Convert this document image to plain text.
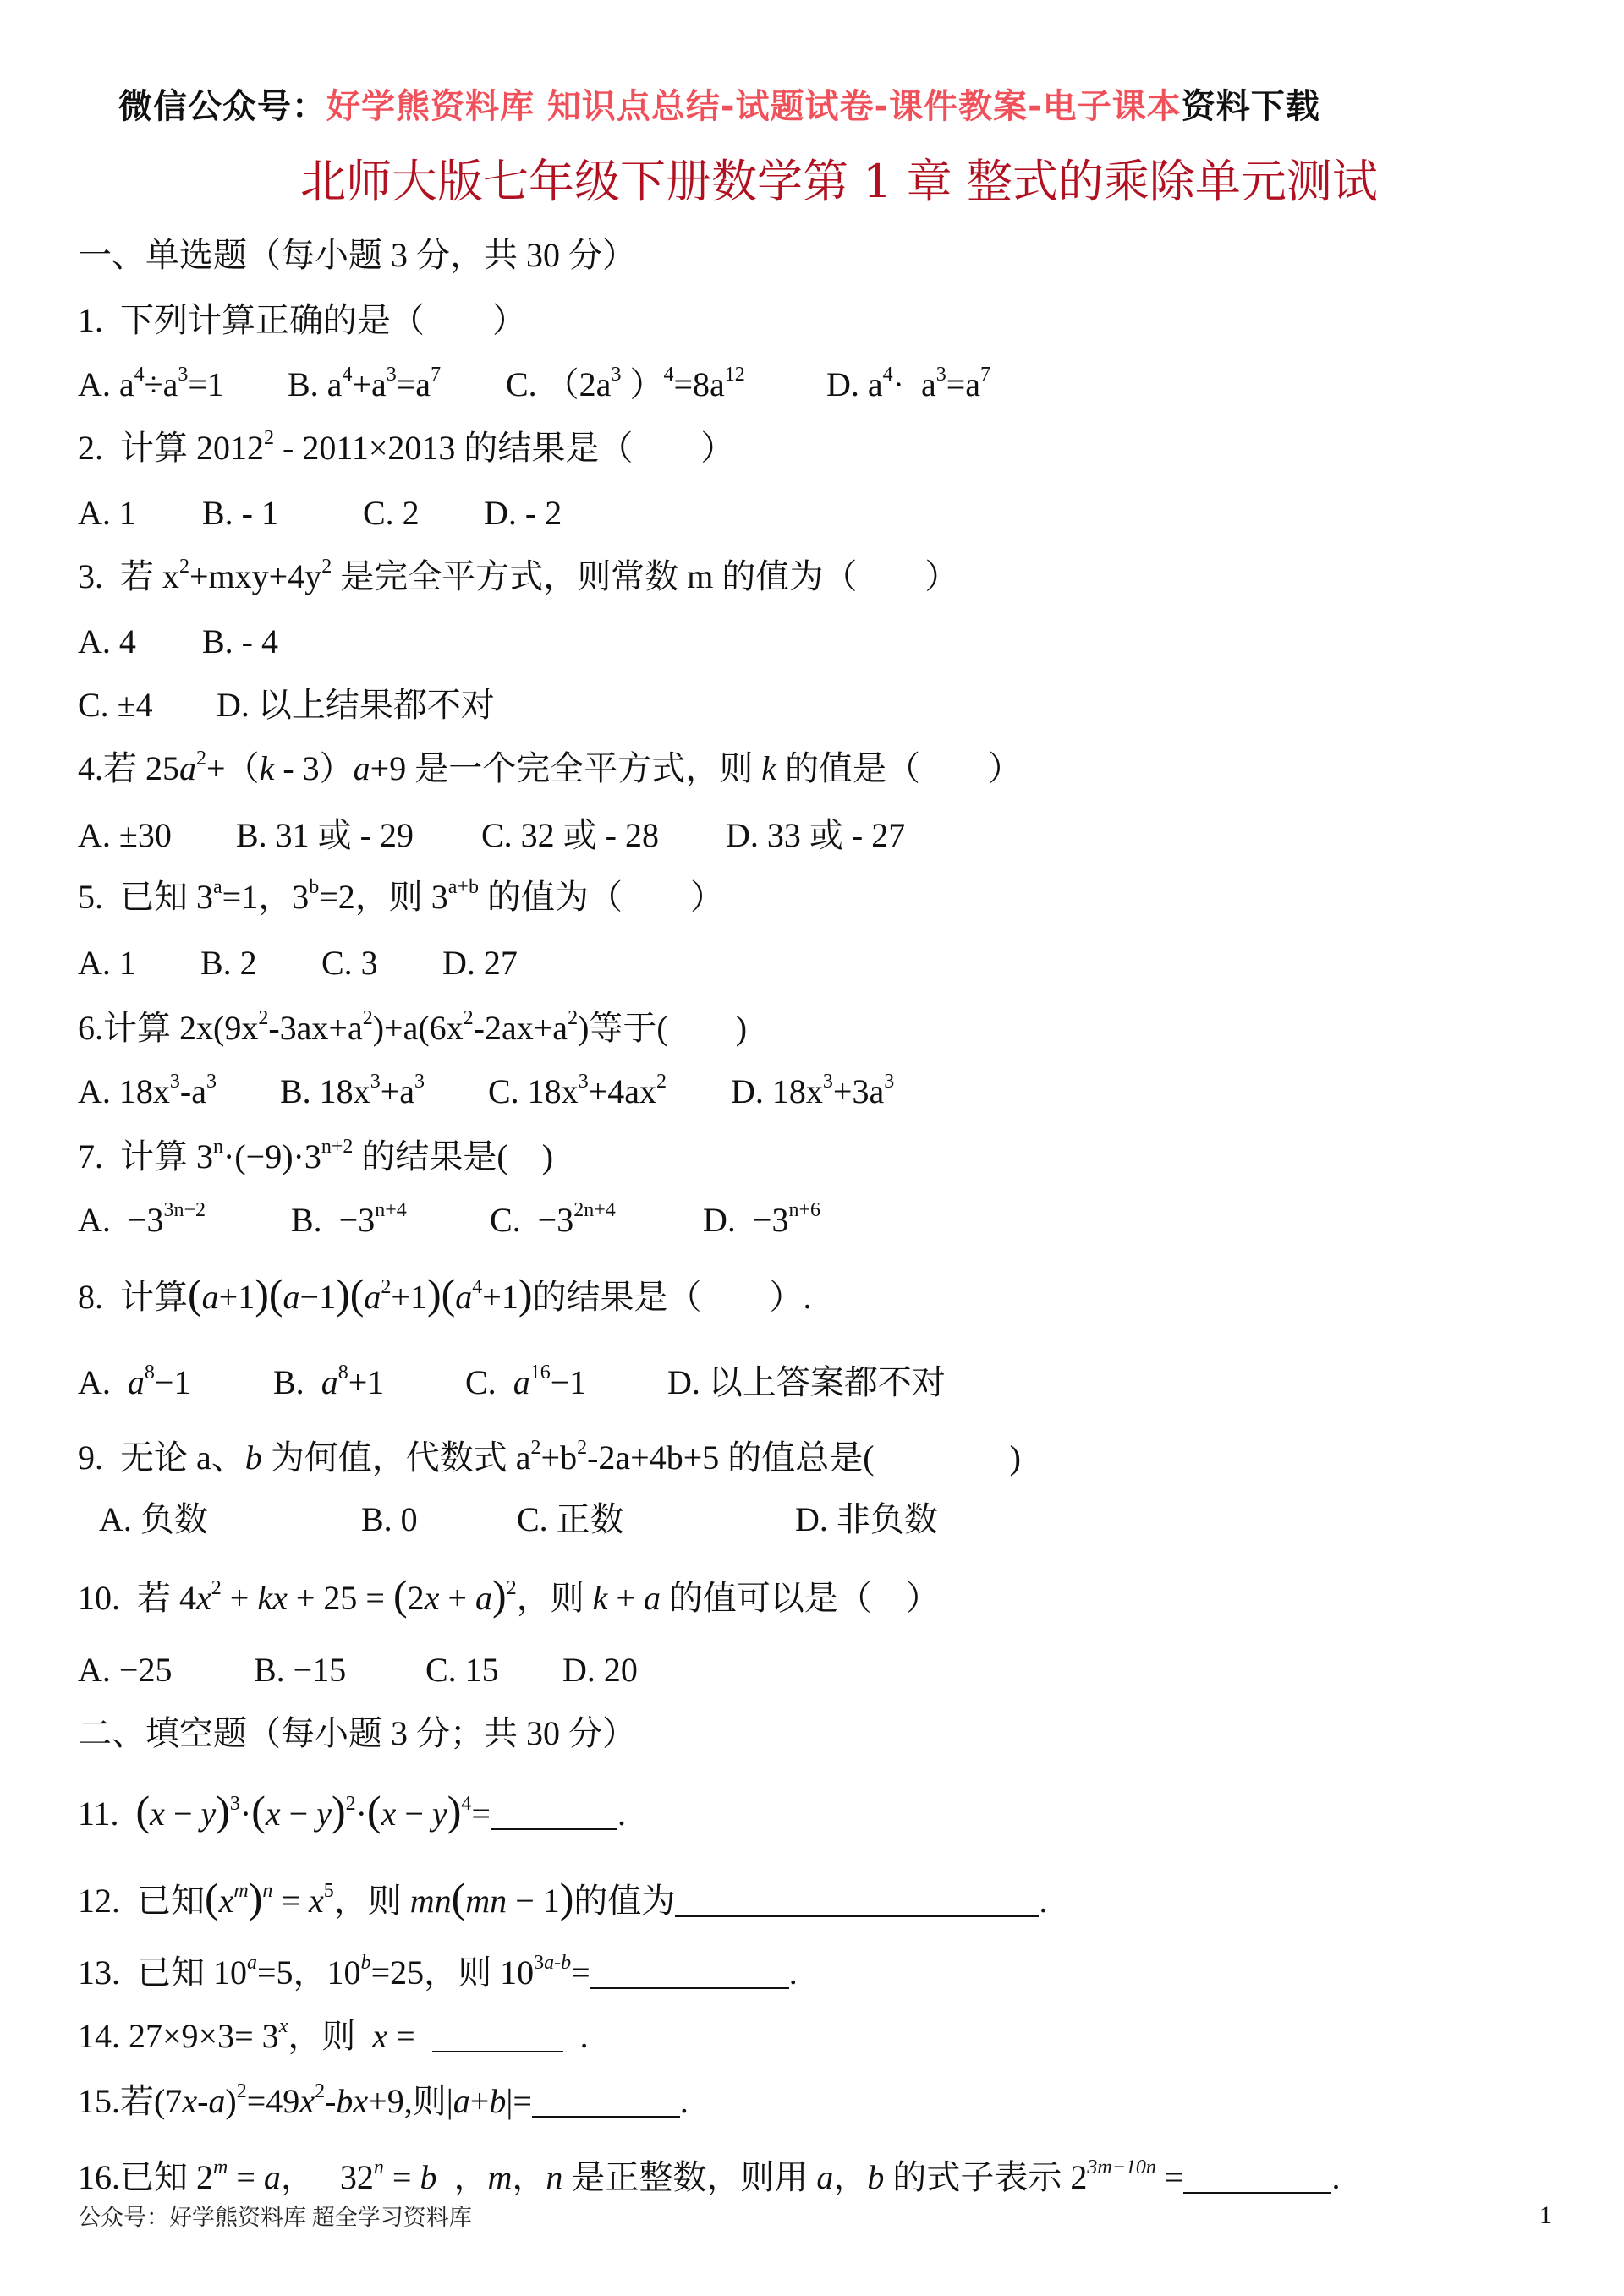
微信公众号：好学熊资料库 知识点总结-试题试卷-课件教案-电子课本资料下载
北师大版七年级下册数学第 1 章 整式的乘除单元测试
一、单选题（每小题 3 分，共 30 分）
1.  下列计算正确的是（　　）
A. $a^4\div a^3=1$ B. $a^4+a^3=a^7$ C. （$2a^3$ ）$^4=8a^{12}$ D. $a^4\cdot a^3=a^7$
2.  计算 2012$^2$ - 2011×2013 的结果是（　　）
A. 1 B. - 1	C. 2 D. - 2
3.  若 $x^2+mxy+4y^2$ 是完全平方式，则常数 m 的值为（　　）
A. 4 B. - 4
C. ±4 D. 以上结果都不对
4.若 $25a^2+(k - 3)a+9$ 是一个完全平方式，则 k 的值是（　　）
A. ±30 B. 31 或 - 29 C. 32 或 - 28 D. 33 或 - 27
5.  已知 $3^a=1$，$3^b=2$，则 $3^{a+b}$ 的值为（　　）
A. 1 B. 2 C. 3 D. 27
6.计算 $2x(9x^2-3ax+a^2)+a(6x^2-2ax+a^2)$等于(　　)
A. $18x^3-a^3$ B. $18x^3+a^3$ C. $18x^3+4ax^2$ D. $18x^3+3a^3$
7.  计算 $3^n\cdot(-9)\cdot 3^{n+2}$ 的结果是(　)
A.  $-3^{3n-2}$	B.  $-3^{n+4}$ C.  $-3^{2n+4}$	D.  $-3^{n+6}$
8.  计算$(a+1)(a-1)(a^2+1)(a^4+1)$的结果是（　　）.
A.  $a^8-1$ B.  $a^8+1$ C.  $a^{16}-1$ D. 以上答案都不对
9.  无论 a、b 为何值，代数式 $a^2+b^2-2a+4b+5$ 的值总是(　　　　)
A. 负数	B. 0	C. 正数	D. 非负数
10.  若 $4x^2$ + kx + $25 = (2x + a)^2$，则 k + a 的值可以是（　）
A. −25 B. −15 C. 15 D. 20
二、填空题（每小题 3 分；共 30 分）
11.  $(x - y)^3\cdot(x - y)^2\cdot(x - y)^4=$	.
12.  已知$(x^m)^n = x^5$，则 mn(mn − 1)的值为	.
13.  已知 $10^a=5$，$10^b=25$，则 $10^{3a-b}=$	.
14. $27\times 9\times 3= 3^x$，则  x =	.
15.若$(7x-a)^2=49x^2-bx+9$,则|a+b|=	.
16.已知 $2^m = a$，   $32^n = b$  ，m，n 是正整数，则用 a，b 的式子表示 $2^{3m-10n}$ =	.
公众号：好学熊资料库 超全学习资料库	1
